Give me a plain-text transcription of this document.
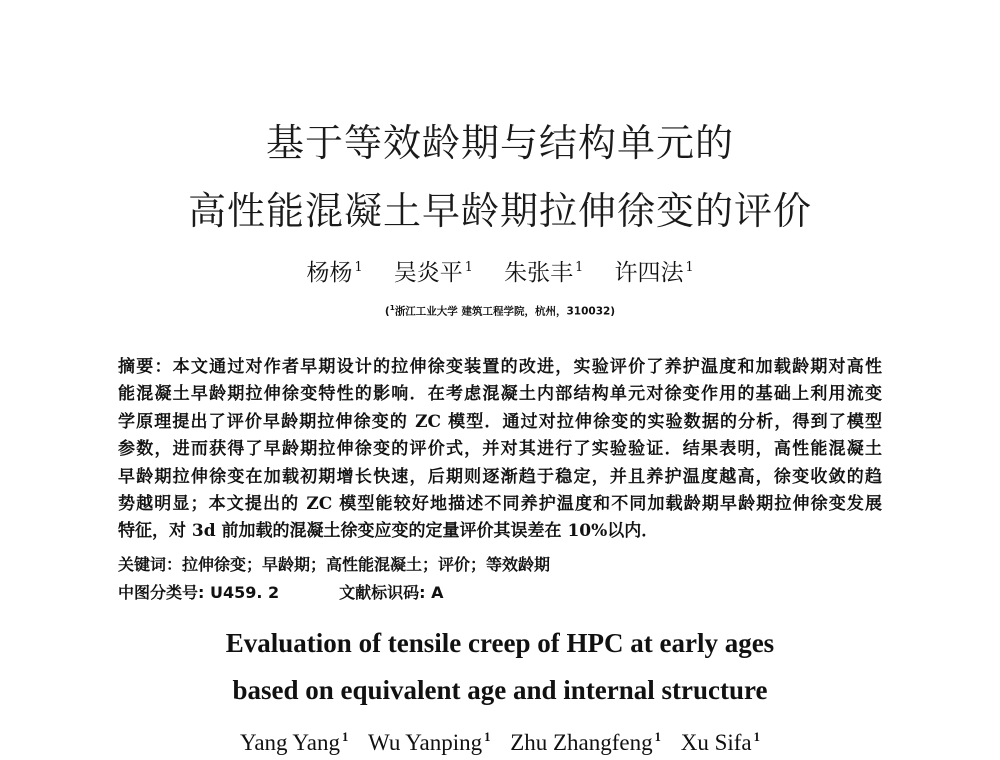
基于等效龄期与结构单元的
高性能混凝土早龄期拉伸徐变的评价
杨杨 $^1$ 吴炎平 $^1$ 朱张丰 $^1$ 许四法 $^1$
($^1$浙江工业大学 建筑工程学院，杭州，310032)
摘要：本文通过对作者早期设计的拉伸徐变装置的改进，实验评价了养护温度和加载龄期对高性
能混凝土早龄期拉伸徐变特性的影响．在考虑混凝土内部结构单元对徐变作用的基础上利用流变
学原理提出了评价早龄期拉伸徐变的 ZC 模型．通过对拉伸徐变的实验数据的分析，得到了模型
参数，进而获得了早龄期拉伸徐变的评价式，并对其进行了实验验证．结果表明，高性能混凝土
早龄期拉伸徐变在加载初期增长快速，后期则逐渐趋于稳定，并且养护温度越高，徐变收敛的趋
势越明显；本文提出的 ZC 模型能较好地描述不同养护温度和不同加载龄期早龄期拉伸徐变发展
特征，对 3d 前加载的混凝土徐变应变的定量评价其误差在 10%以内．
关键词：拉伸徐变；早龄期；高性能混凝土；评价；等效龄期
中图分类号: U459. 2	文献标识码: A
Evaluation of tensile creep of HPC at early ages
based on equivalent age and internal structure
Yang Yang $^1$ Wu Yanping $^1$ Zhu Zhangfeng $^1$ Xu Sifa $^1$
